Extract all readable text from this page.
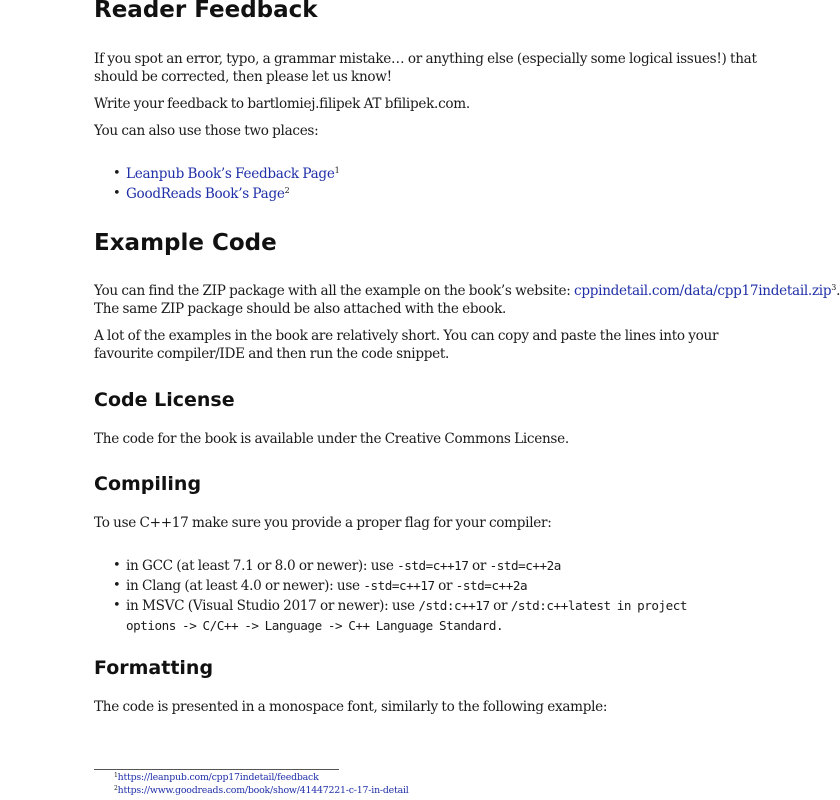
Reader Feedback

If you spot an error, typo, a grammar mistake… or anything else (especially some logical issues!) that

should be corrected, then please let us know!

Write your feedback to bartlomiej.filipek AT bfilipek.com.

You can also use those two places:

• Leanpub Book’s Feedback Page$^1$
• GoodReads Book’s Page$^2$
Example Code

You can find the ZIP package with all the example on the book’s website: cppindetail.com/data/cpp17indetail.zip$^3$.

The same ZIP package should be also attached with the ebook.

A lot of the examples in the book are relatively short. You can copy and paste the lines into your

favourite compiler/IDE and then run the code snippet.

Code License

The code for the book is available under the Creative Commons License.

Compiling

To use C++17 make sure you provide a proper flag for your compiler:

• in GCC (at least 7.1 or 8.0 or newer): use -std=c++17 or -std=c++2a
• in Clang (at least 4.0 or newer): use -std=c++17 or -std=c++2a
• in MSVC (Visual Studio 2017 or newer): use /std:c++17 or /std:c++latest in project
options -> C/C++ -> Language -> C++ Language Standard.
Formatting

The code is presented in a monospace font, similarly to the following example:

$^1$https://leanpub.com/cpp17indetail/feedback
$^2$https://www.goodreads.com/book/show/41447221-c-17-in-detail
